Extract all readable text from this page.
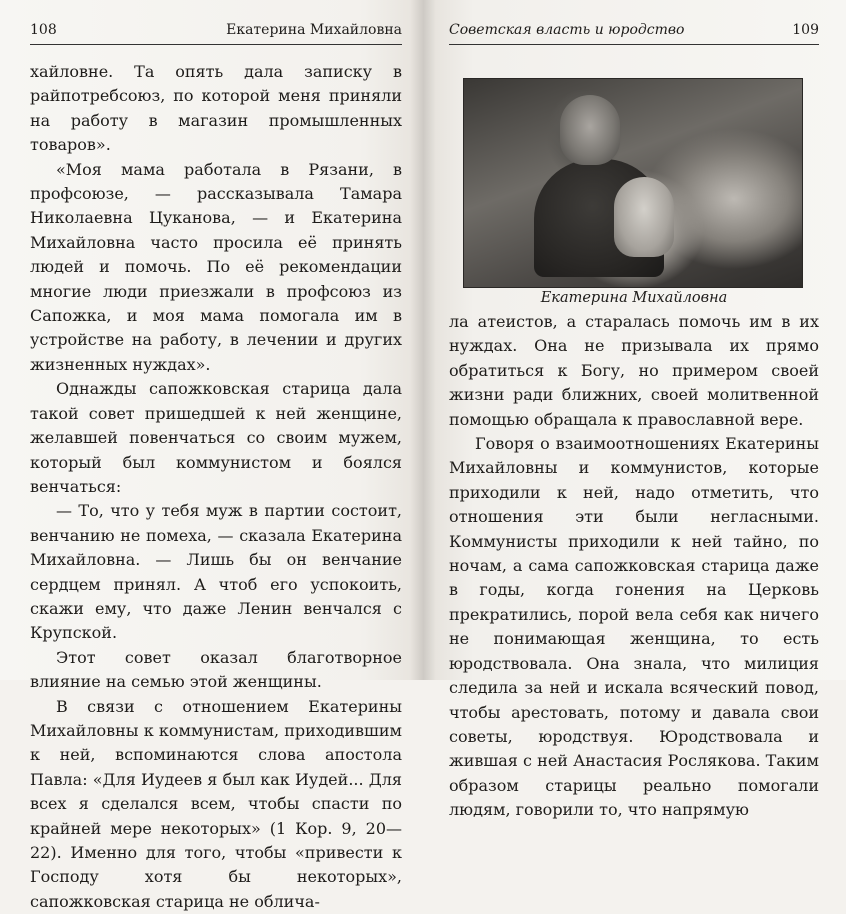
108	Екатерина Михайловна

хайловне. Та опять дала записку в райпотребсоюз, по которой меня приняли на работу в магазин промышленных товаров».

«Моя мама работала в Рязани, в профсоюзе, — рассказывала Тамара Николаевна Цуканова, — и Екатерина Михайловна часто просила её принять людей и помочь. По её рекомендации многие люди приезжали в профсоюз из Сапожка, и моя мама помогала им в устройстве на работу, в лечении и других жизненных нуждах».

Однажды сапожковская старица дала такой совет пришедшей к ней женщине, желавшей повенчаться со своим мужем, который был коммунистом и боялся венчаться:

— То, что у тебя муж в партии состоит, венчанию не помеха, — сказала Екатерина Михайловна. — Лишь бы он венчание сердцем принял. А чтоб его успокоить, скажи ему, что даже Ленин венчался с Крупской.

Этот совет оказал благотворное влияние на семью этой женщины.

В связи с отношением Екатерины Михайловны к коммунистам, приходившим к ней, вспоминаются слова апостола Павла: «Для Иудеев я был как Иудей... Для всех я сделался всем, чтобы спасти по крайней мере некоторых» (1 Кор. 9, 20—22). Именно для того, чтобы «привести к Господу хотя бы некоторых», сапожковская старица не облича-

Советская власть и юродство	109
Екатерина Михайловна

ла атеистов, а старалась помочь им в их нуждах. Она не призывала их прямо обратиться к Богу, но примером своей жизни ради ближних, своей молитвенной помощью обращала к православной вере.

Говоря о взаимоотношениях Екатерины Михайловны и коммунистов, которые приходили к ней, надо отметить, что отношения эти были негласными. Коммунисты приходили к ней тайно, по ночам, а сама сапожковская старица даже в годы, когда гонения на Церковь прекратились, порой вела себя как ничего не понимающая женщина, то есть юродствовала. Она знала, что милиция следила за ней и искала всяческий повод, чтобы арестовать, потому и давала свои советы, юродствуя. Юродствовала и жившая с ней Анастасия Рослякова. Таким образом старицы реально помогали людям, говорили то, что напрямую
